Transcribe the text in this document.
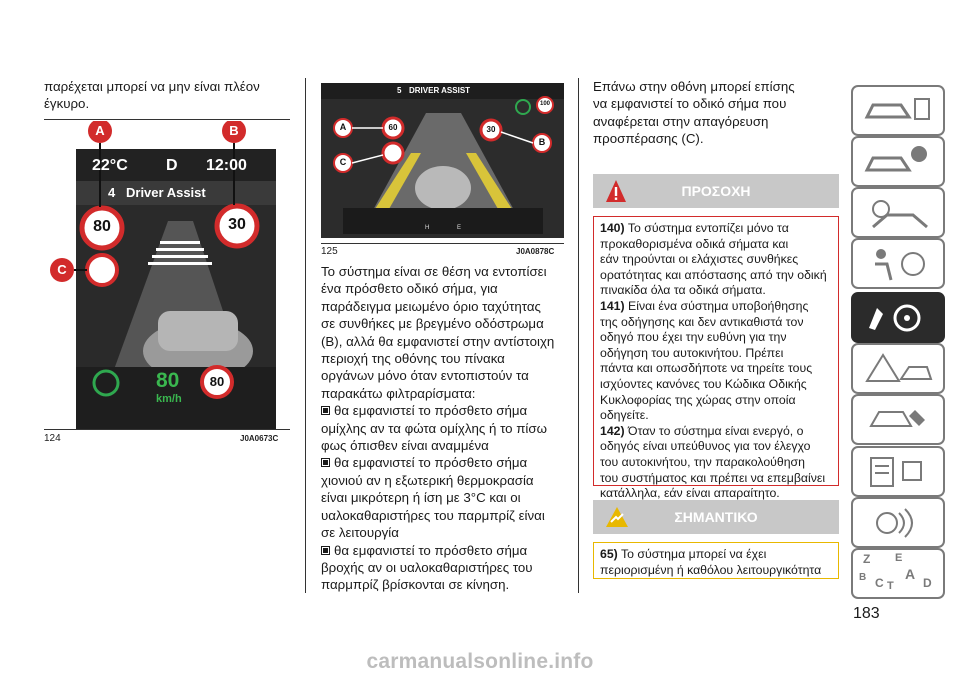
παρέχεται μπορεί να μην είναι πλέον

έγκυρο.

A	B
C
22°C D 12:00
4 Driver Assist
80	30
80
km/h
80
124	J0A0673C
5 DRIVER ASSIST
A
C
B
60	30
100
H	E
125	J0A0878C

Το σύστημα είναι σε θέση να εντοπίσει

ένα πρόσθετο οδικό σήμα, για

παράδειγμα μειωμένο όριο ταχύτητας

σε συνθήκες με βρεγμένο οδόστρωμα

(B), αλλά θα εμφανιστεί στην αντίστοιχη

περιοχή της οθόνης του πίνακα

οργάνων μόνο όταν εντοπιστούν τα

παρακάτω φιλτραρίσματα:

θα εμφανιστεί το πρόσθετο σήμα

ομίχλης αν τα φώτα ομίχλης ή το πίσω

φως όπισθεν είναι αναμμένα

θα εμφανιστεί το πρόσθετο σήμα

χιονιού αν η εξωτερική θερμοκρασία

είναι μικρότερη ή ίση με 3°C και οι

υαλοκαθαριστήρες του παρμπρίζ είναι

σε λειτουργία

θα εμφανιστεί το πρόσθετο σήμα

βροχής αν οι υαλοκαθαριστήρες του

παρμπρίζ βρίσκονται σε κίνηση.

Επάνω στην οθόνη μπορεί επίσης

να εμφανιστεί το οδικό σήμα που

αναφέρεται στην απαγόρευση

προσπέρασης (C).

ΠΡΟΣΟΧΗ

140) Το σύστημα εντοπίζει μόνο τα

προκαθορισμένα οδικά σήματα και

εάν τηρούνται οι ελάχιστες συνθήκες

ορατότητας και απόστασης από την οδική

πινακίδα όλα τα οδικά σήματα.

141) Είναι ένα σύστημα υποβοήθησης

της οδήγησης και δεν αντικαθιστά τον

οδηγό που έχει την ευθύνη για την

οδήγηση του αυτοκινήτου. Πρέπει

πάντα και οπωσδήποτε να τηρείτε τους

ισχύοντες κανόνες του Κώδικα Οδικής

Κυκλοφορίας της χώρας στην οποία

οδηγείτε.

142) Όταν το σύστημα είναι ενεργό, ο

οδηγός είναι υπεύθυνος για τον έλεγχο

του αυτοκινήτου, την παρακολούθηση

του συστήματος και πρέπει να επεμβαίνει

κατάλληλα, εάν είναι απαραίτητο.

ΣΗΜΑΝΤΙΚΟ

65) Το σύστημα μπορεί να έχει

περιορισμένη ή καθόλου λειτουργικότητα

Z E
B C T
A
D
183
carmanualsonline.info
